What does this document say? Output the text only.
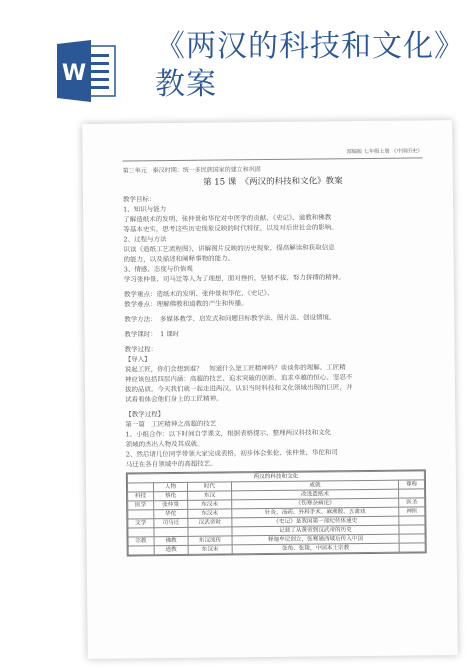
W
《两汉的科技和文化》教案
部编版 七年级上册 《中国历史》
第三单元　秦汉时期：统一多民族国家的建立和巩固
第 15 课　《两汉的科技和文化》教案
教学目标：
1、知识与能力
了解造纸术的发明、张仲景和华佗对中医学的贡献、《史记》、道教和佛教
等基本史实，思考这些历史现象反映的时代特征，以及对后世社会的影响。
2、过程与方法
识读《造纸工艺流程图》，讲解图片反映的历史现象，提高解读和获取信息
的能力，以及描述和阐释事物的能力。
3、情感、态度与价值观
学习张仲景、司马迁等人为了理想，面对挫折，坚韧不拔、努力拼搏的精神。
教学重点：造纸术的发明、张仲景和华佗、《史记》、
教学难点：理解佛教和道教的产生和传播。
教学方法：　多媒体教学、启发式和问题目标教学法、图片法、创设情境。
教学课时：　1 课时
教学过程：
【导入】
说起工匠，你们会想到谁？　知道什么是工匠精神吗？谈谈你的理解。工匠精
神应该包括四层内涵：高超的技艺、追求突破的创新、追求卓越的恒心、坚忍不
拔的品质。今天我们就一起走进两汉，认识当时科技和文化领域出现的巨匠，并
试看看体会他们身上的工匠精神。
【教学过程】
第一篇　工匠精神之高超的技艺
1、小组合作：以下时间自学课文，根据表格提示，整理两汉科技和文化
领域的杰出人物及其成就。
2、然后请几位同学带领大家完成表格，初步体会张伦、张仲景、华佗和司
马迁在各自领域中的高超技艺。
两汉的科技和文化				
	人物	时代	成就	尊称
科技	蔡伦	东汉	改进造纸术	
医学	张仲景	东汉末	《伤寒杂病论》	医圣
	华佗	东汉末	针灸、汤药、外科手术、麻沸散、五禽戏	神医
文学	司马迁	汉武帝时	《史记》是我国第一部纪传体通史	
			记载了从黄帝到汉武帝的历史	
宗教	佛教	东汉流传	释迦牟尼创立，张骞通西域后传入中国	
	道教	东汉末	张角、张陵，中国本土宗教	
